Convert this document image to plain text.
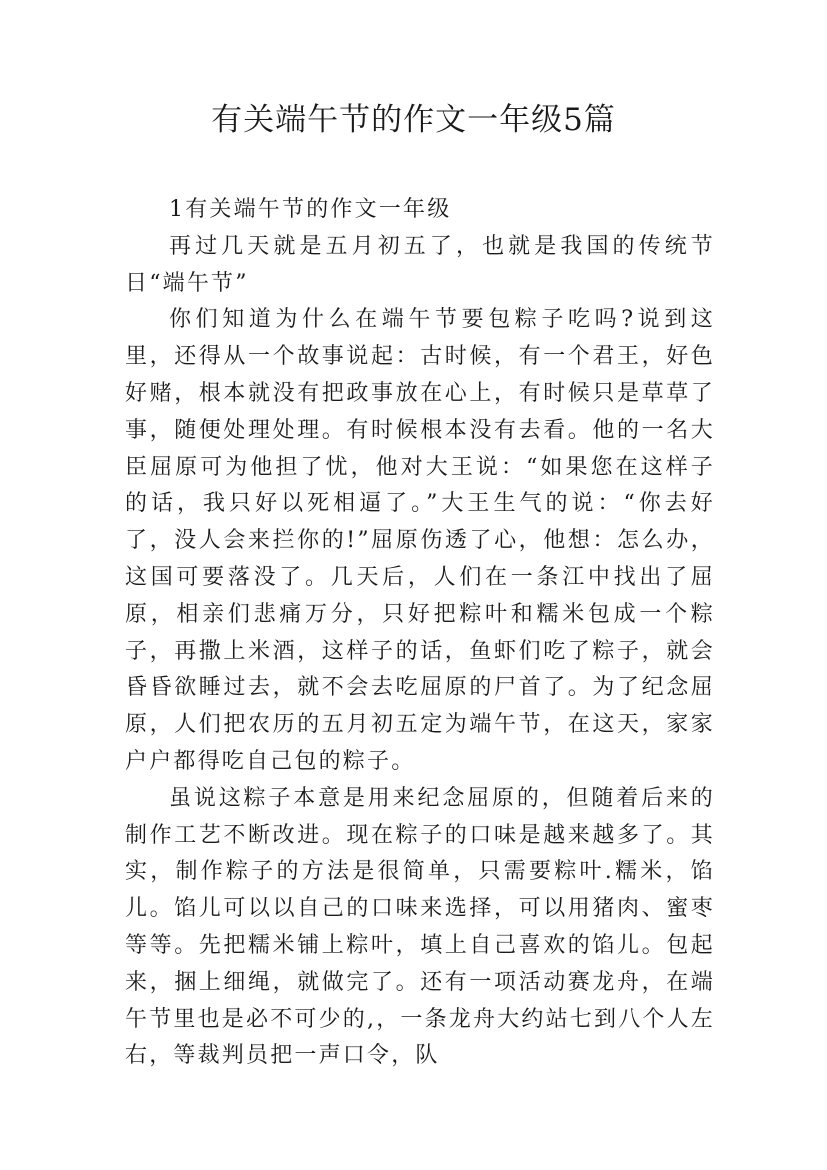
有关端午节的作文一年级5篇

1有关端午节的作文一年级

再过几天就是五月初五了，也就是我国的传统节日“端午节”

你们知道为什么在端午节要包粽子吃吗?说到这里，还得从一个故事说起：古时候，有一个君王，好色好赌，根本就没有把政事放在心上，有时候只是草草了事，随便处理处理。有时候根本没有去看。他的一名大臣屈原可为他担了忧，他对大王说：“如果您在这样子的话，我只好以死相逼了。”大王生气的说：“你去好了，没人会来拦你的!”屈原伤透了心，他想：怎么办，这国可要落没了。几天后，人们在一条江中找出了屈原，相亲们悲痛万分，只好把粽叶和糯米包成一个粽子，再撒上米酒，这样子的话，鱼虾们吃了粽子，就会昏昏欲睡过去，就不会去吃屈原的尸首了。为了纪念屈原，人们把农历的五月初五定为端午节，在这天，家家户户都得吃自己包的粽子。

虽说这粽子本意是用来纪念屈原的，但随着后来的制作工艺不断改进。现在粽子的口味是越来越多了。其实，制作粽子的方法是很简单，只需要粽叶.糯米，馅儿。馅儿可以以自己的口味来选择，可以用猪肉、蜜枣等等。先把糯米铺上粽叶，填上自己喜欢的馅儿。包起来，捆上细绳，就做完了。还有一项活动赛龙舟，在端午节里也是必不可少的,，一条龙舟大约站七到八个人左右，等裁判员把一声口令，队
